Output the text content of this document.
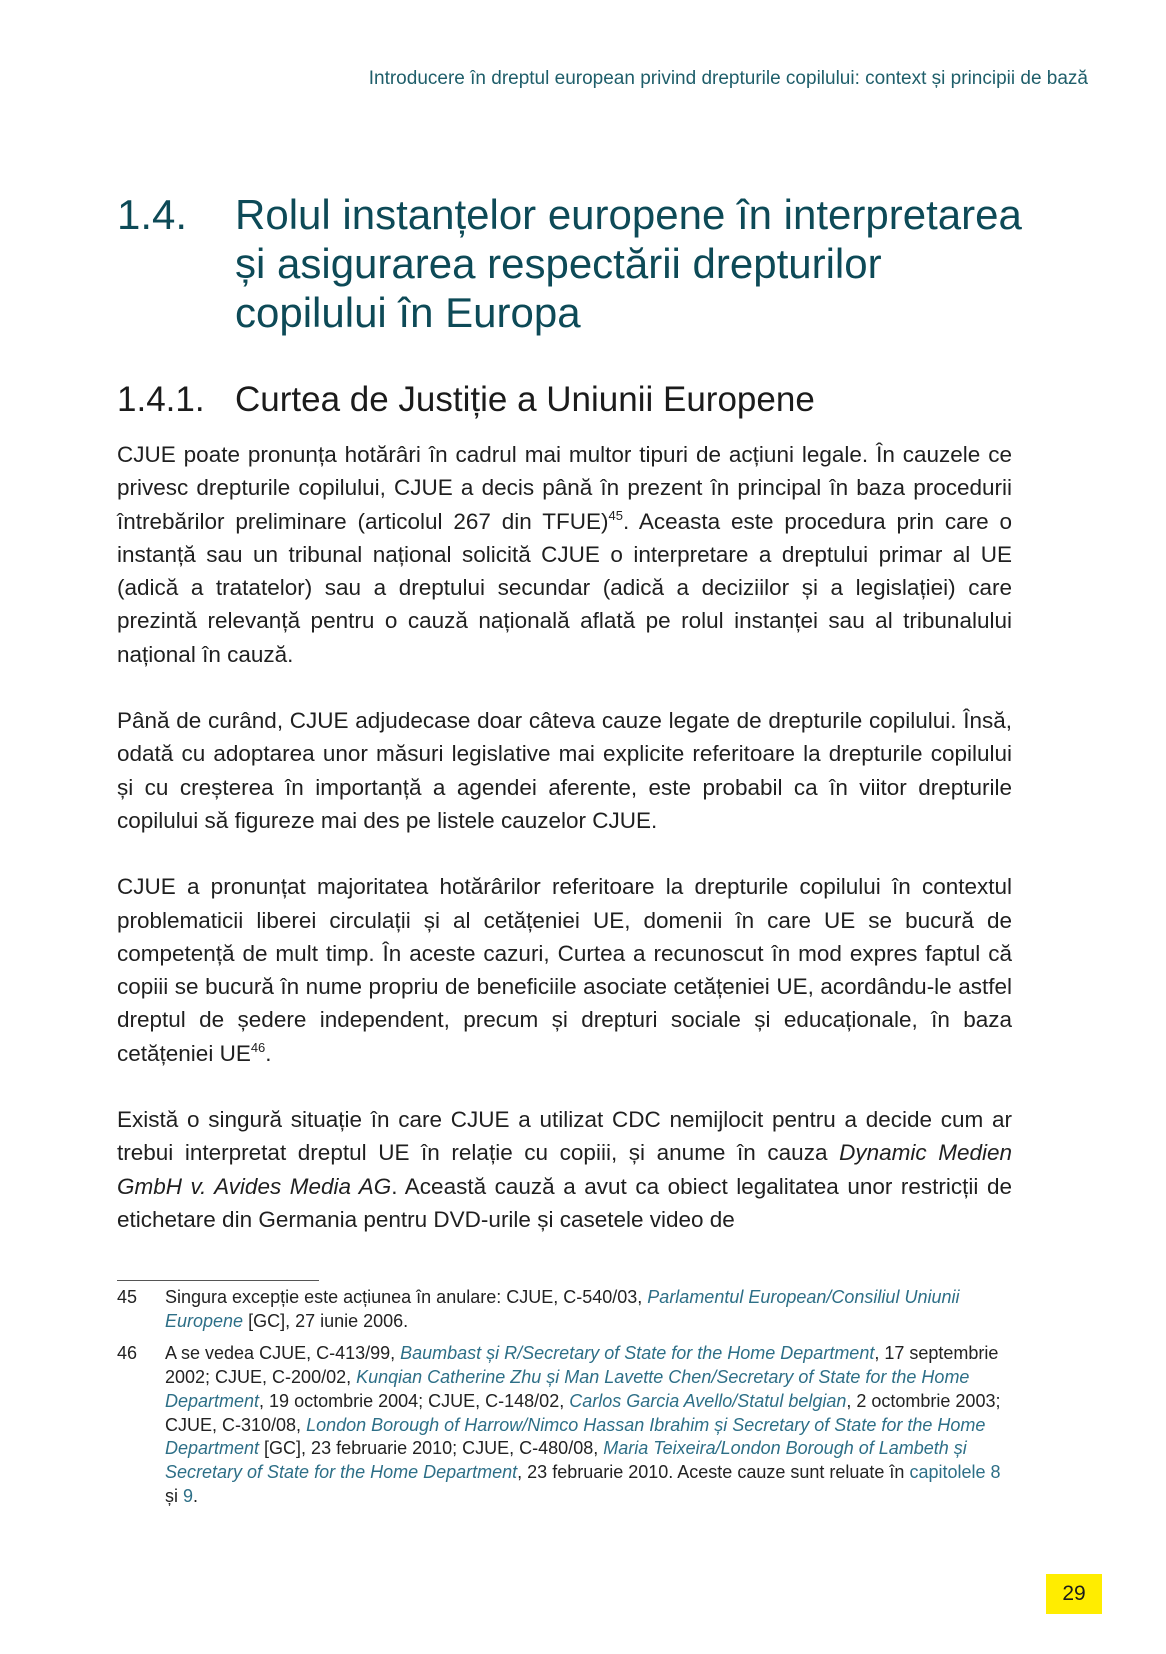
Introducere în dreptul european privind drepturile copilului: context și principii de bază
1.4.	Rolul instanțelor europene în interpretarea și asigurarea respectării drepturilor copilului în Europa
1.4.1. Curtea de Justiție a Uniunii Europene

CJUE poate pronunța hotărâri în cadrul mai multor tipuri de acțiuni legale. În cauzele ce privesc drepturile copilului, CJUE a decis până în prezent în principal în baza procedurii întrebărilor preliminare (articolul 267 din TFUE)$^{45}$. Aceasta este procedura prin care o instanță sau un tribunal național solicită CJUE o interpretare a dreptului primar al UE (adică a tratatelor) sau a dreptului secundar (adică a deciziilor și a legislației) care prezintă relevanță pentru o cauză națională aflată pe rolul instanței sau al tribunalului național în cauză.

Până de curând, CJUE adjudecase doar câteva cauze legate de drepturile copilului. Însă, odată cu adoptarea unor măsuri legislative mai explicite referitoare la drepturile copilului și cu creșterea în importanță a agendei aferente, este probabil ca în viitor drepturile copilului să figureze mai des pe listele cauzelor CJUE.

CJUE a pronunțat majoritatea hotărârilor referitoare la drepturile copilului în contextul problematicii liberei circulații și al cetățeniei UE, domenii în care UE se bucură de competență de mult timp. În aceste cazuri, Curtea a recunoscut în mod expres faptul că copiii se bucură în nume propriu de beneficiile asociate cetățeniei UE, acordându-le astfel dreptul de ședere independent, precum și drepturi sociale și educaționale, în baza cetățeniei UE$^{46}$.

Există o singură situație în care CJUE a utilizat CDC nemijlocit pentru a decide cum ar trebui interpretat dreptul UE în relație cu copiii, și anume în cauza Dynamic Medien GmbH v. Avides Media AG. Această cauză a avut ca obiect legalitatea unor restricții de etichetare din Germania pentru DVD-urile și casetele video de

45	Singura excepție este acțiunea în anulare: CJUE, C-540/03, Parlamentul European/Consiliul Uniunii Europene [GC], 27 iunie 2006.
46	A se vedea CJUE, C-413/99, Baumbast și R/Secretary of State for the Home Department, 17 septembrie 2002; CJUE, C-200/02, Kunqian Catherine Zhu și Man Lavette Chen/Secretary of State for the Home Department, 19 octombrie 2004; CJUE, C-148/02, Carlos Garcia Avello/Statul belgian, 2 octombrie 2003; CJUE, C-310/08, London Borough of Harrow/Nimco Hassan Ibrahim și Secretary of State for the Home Department [GC], 23 februarie 2010; CJUE, C-480/08, Maria Teixeira/London Borough of Lambeth și Secretary of State for the Home Department, 23 februarie 2010. Aceste cauze sunt reluate în capitolele 8 și 9.
29
